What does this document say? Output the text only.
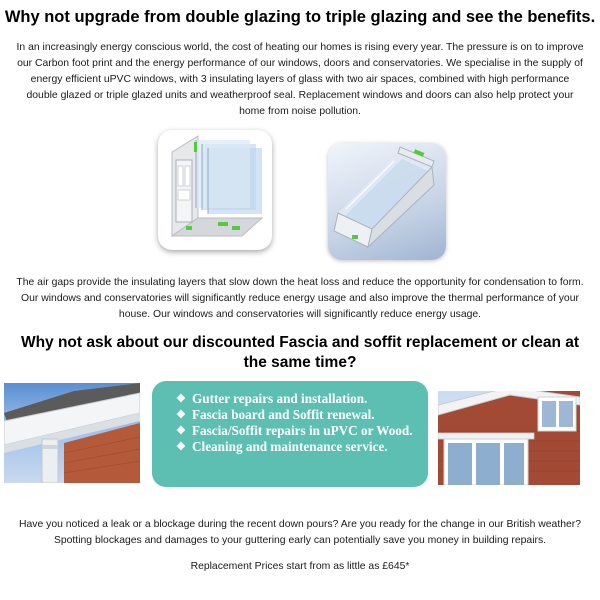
Why not upgrade from double glazing to triple glazing and see the benefits.
In an increasingly energy conscious world, the cost of heating our homes is rising every year. The pressure is on to improve our Carbon foot print and the energy performance of our windows, doors and conservatories. We specialise in the supply of energy efficient uPVC windows, with 3 insulating layers of glass with two air spaces, combined with high performance double glazed or triple glazed units and weatherproof seal. Replacement windows and doors can also help protect your home from noise pollution.
The air gaps provide the insulating layers that slow down the heat loss and reduce the opportunity for condensation to form. Our windows and conservatories will significantly reduce energy usage and also improve the thermal performance of your house. Our windows and conservatories will significantly reduce energy usage.
Why not ask about our discounted Fascia and soffit replacement or clean at the same time?
❖ Gutter repairs and installation.
❖ Fascia board and Soffit renewal.
❖ Fascia/Soffit repairs in uPVC or Wood.
❖ Cleaning and maintenance service.
Have you noticed a leak or a blockage during the recent down pours? Are you ready for the change in our British weather? Spotting blockages and damages to your guttering early can potentially save you money in building repairs.
Replacement Prices start from as little as £645*
